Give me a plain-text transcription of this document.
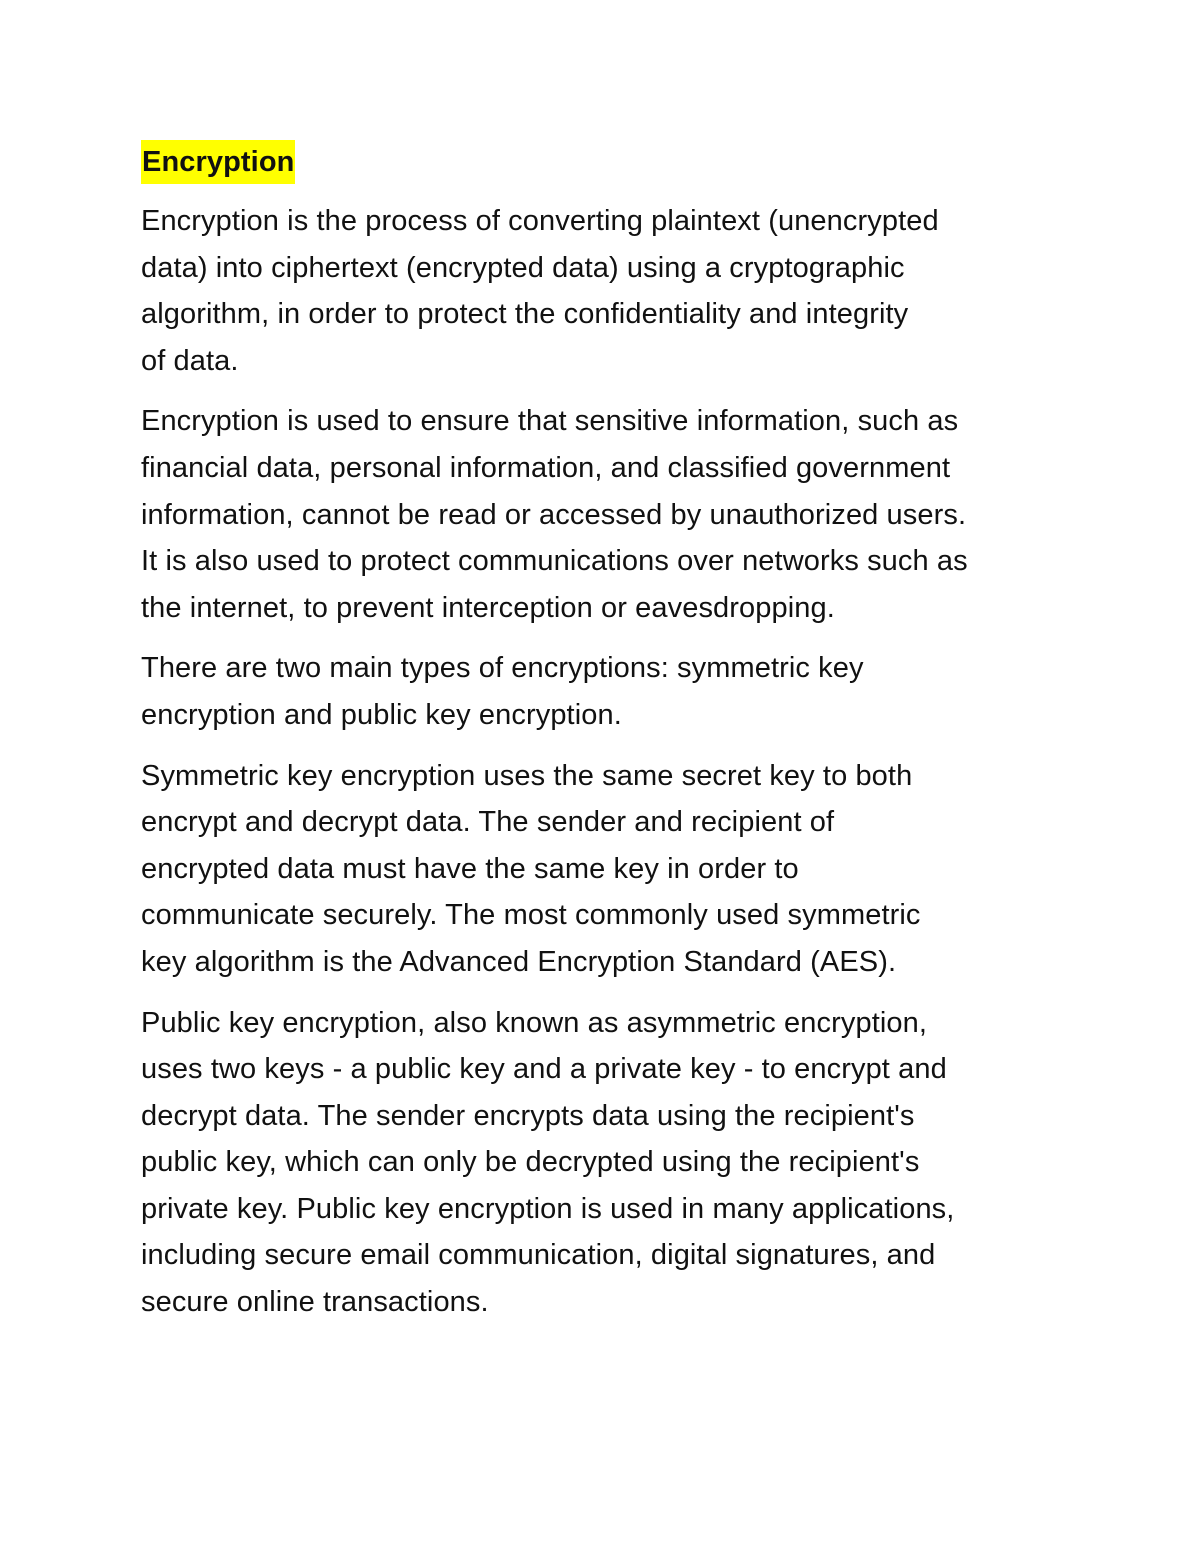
Encryption

Encryption is the process of converting plaintext (unencrypted
data) into ciphertext (encrypted data) using a cryptographic
algorithm, in order to protect the confidentiality and integrity
of data.

Encryption is used to ensure that sensitive information, such as
financial data, personal information, and classified government
information, cannot be read or accessed by unauthorized users.
It is also used to protect communications over networks such as
the internet, to prevent interception or eavesdropping.

There are two main types of encryptions: symmetric key
encryption and public key encryption.

Symmetric key encryption uses the same secret key to both
encrypt and decrypt data. The sender and recipient of
encrypted data must have the same key in order to
communicate securely. The most commonly used symmetric
key algorithm is the Advanced Encryption Standard (AES).

Public key encryption, also known as asymmetric encryption,
uses two keys - a public key and a private key - to encrypt and
decrypt data. The sender encrypts data using the recipient's
public key, which can only be decrypted using the recipient's
private key. Public key encryption is used in many applications,
including secure email communication, digital signatures, and
secure online transactions.
